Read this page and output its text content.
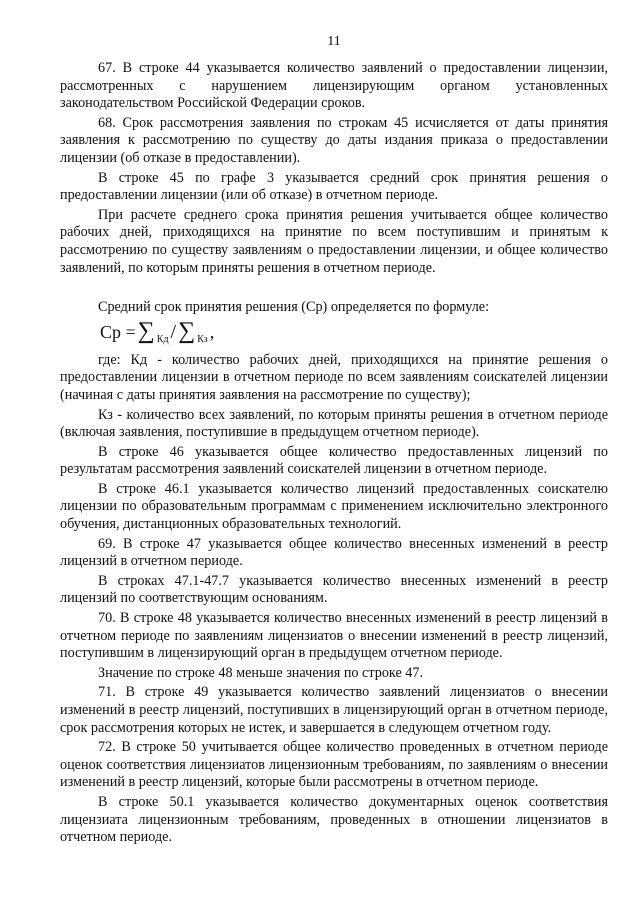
11

67. В строке 44 указывается количество заявлений о предоставлении лицензии, рассмотренных с нарушением лицензирующим органом установленных законодательством Российской Федерации сроков.

68. Срок рассмотрения заявления по строкам 45 исчисляется от даты принятия заявления к рассмотрению по существу до даты издания приказа о предоставлении лицензии (об отказе в предоставлении).

В строке 45 по графе 3 указывается средний срок принятия решения о предоставлении лицензии (или об отказе) в отчетном периоде.

При расчете среднего срока принятия решения учитывается общее количество рабочих дней, приходящихся на принятие по всем поступившим и принятым к рассмотрению по существу заявлениям о предоставлении лицензии, и общее количество заявлений, по которым приняты решения в отчетном периоде.

Средний срок принятия решения (Ср) определяется по формуле:

Ср = ∑ Кд / ∑ Кз ,

где: Кд - количество рабочих дней, приходящихся на принятие решения о предоставлении лицензии в отчетном периоде по всем заявлениям соискателей лицензии (начиная с даты принятия заявления на рассмотрение по существу);

Кз - количество всех заявлений, по которым приняты решения в отчетном периоде (включая заявления, поступившие в предыдущем отчетном периоде).

В строке 46 указывается общее количество предоставленных лицензий по результатам рассмотрения заявлений соискателей лицензии в отчетном периоде.

В строке 46.1 указывается количество лицензий предоставленных соискателю лицензии по образовательным программам с применением исключительно электронного обучения, дистанционных образовательных технологий.

69. В строке 47 указывается общее количество внесенных изменений в реестр лицензий в отчетном периоде.

В строках 47.1-47.7 указывается количество внесенных изменений в реестр лицензий по соответствующим основаниям.

70. В строке 48 указывается количество внесенных изменений в реестр лицензий в отчетном периоде по заявлениям лицензиатов о внесении изменений в реестр лицензий, поступившим в лицензирующий орган в предыдущем отчетном периоде.

Значение по строке 48 меньше значения по строке 47.

71. В строке 49 указывается количество заявлений лицензиатов о внесении изменений в реестр лицензий, поступивших в лицензирующий орган в отчетном периоде, срок рассмотрения которых не истек, и завершается в следующем отчетном году.

72. В строке 50 учитывается общее количество проведенных в отчетном периоде оценок соответствия лицензиатов лицензионным требованиям, по заявлениям о внесении изменений в реестр лицензий, которые были рассмотрены в отчетном периоде.

В строке 50.1 указывается количество документарных оценок соответствия лицензиата лицензионным требованиям, проведенных в отношении лицензиатов в отчетном периоде.
